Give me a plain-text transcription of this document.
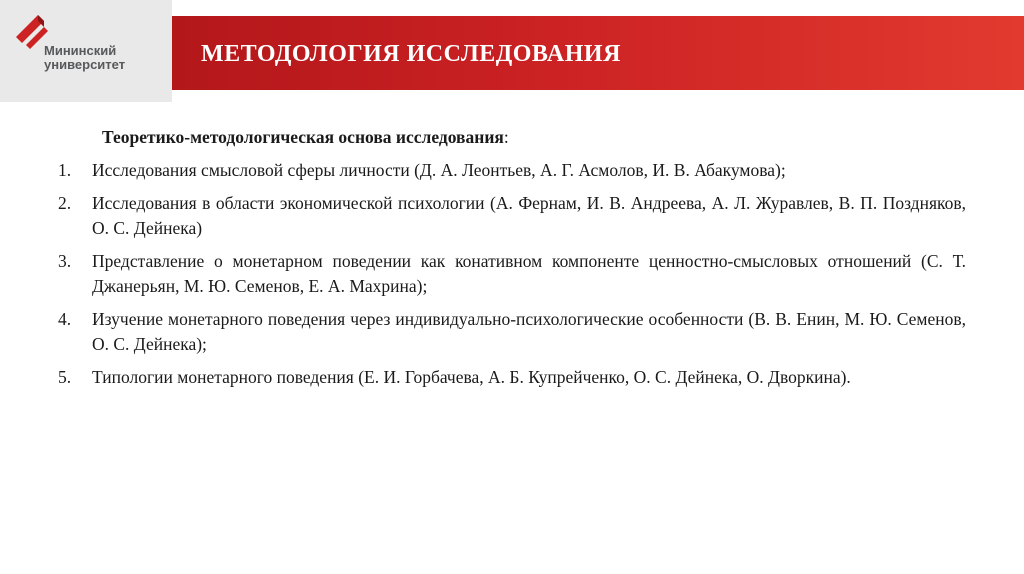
Мининский
университет	МЕТОДОЛОГИЯ ИССЛЕДОВАНИЯ
Теоретико-методологическая основа исследования:
1.	Исследования смысловой сферы личности (Д. А. Леонтьев, А. Г. Асмолов, И. В. Абакумова);
2.	Исследования в области экономической психологии (А. Фернам, И. В. Андреева, А. Л. Журавлев, В. П. Поздняков, О. С. Дейнека)
3.	Представление о монетарном поведении как конативном компоненте ценностно-смысловых отношений (С. Т. Джанерьян, М. Ю. Семенов, Е. А. Махрина);
4.	Изучение монетарного поведения через индивидуально-психологические особенности (В. В. Енин, М. Ю. Семенов, О. С. Дейнека);
5.	Типологии монетарного поведения (Е. И. Горбачева, А. Б. Купрейченко, О. С. Дейнека, О. Дворкина).
